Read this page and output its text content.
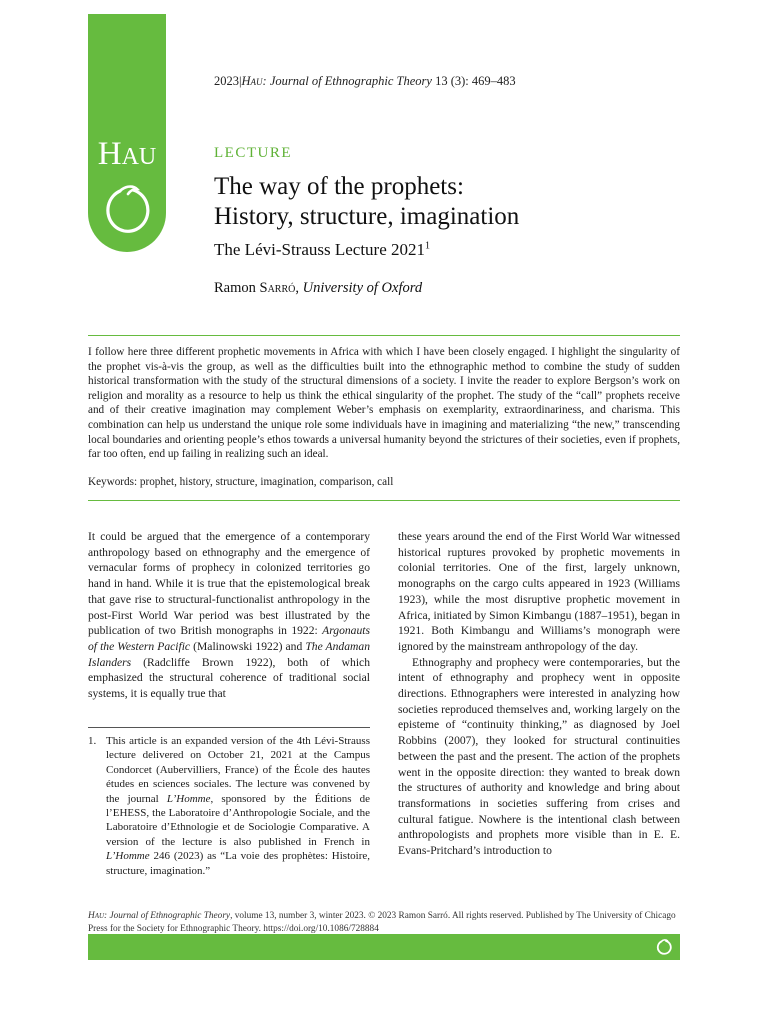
HAU
2023|Hau: Journal of Ethnographic Theory 13 (3): 469–483
LECTURE
The way of the prophets:
History, structure, imagination
The Lévi-Strauss Lecture 2021$^1$
Ramon Sarró, University of Oxford

I follow here three different prophetic movements in Africa with which I have been closely engaged. I highlight the singularity of the prophet vis-à-vis the group, as well as the difficulties built into the ethnographic method to combine the study of sudden historical transformation with the study of the structural dimensions of a society. I invite the reader to explore Bergson’s work on religion and morality as a resource to help us think the ethical singularity of the prophet. The study of the “call” prophets receive and of their creative imagination may complement Weber’s emphasis on exemplarity, extraordinariness, and charisma. This combination can help us understand the unique role some individuals have in imagining and materializing “the new,” transcending local boundaries and orienting people’s ethos towards a universal humanity beyond the strictures of their societies, even if prophets, far too often, end up failing in realizing such an ideal.

Keywords: prophet, history, structure, imagination, comparison, call

It could be argued that the emergence of a contemporary anthropology based on ethnography and the emergence of vernacular forms of prophecy in colonized territories go hand in hand. While it is true that the epistemological break that gave rise to structural-functionalist anthropology in the post-First World War period was best illustrated by the publication of two British monographs in 1922: Argonauts of the Western Pacific (Malinowski 1922) and The Andaman Islanders (Radcliffe Brown 1922), both of which emphasized the structural coherence of traditional social systems, it is equally true that

these years around the end of the First World War witnessed historical ruptures provoked by prophetic movements in colonial territories. One of the first, largely unknown, monographs on the cargo cults appeared in 1923 (Williams 1923), while the most disruptive prophetic movement in Africa, initiated by Simon Kimbangu (1887–1951), began in 1921. Both Kimbangu and Williams’s monograph were ignored by the mainstream anthropology of the day.

Ethnography and prophecy were contemporaries, but the intent of ethnography and prophecy went in opposite directions. Ethnographers were interested in analyzing how societies reproduced themselves and, working largely on the episteme of “continuity thinking,” as diagnosed by Joel Robbins (2007), they looked for structural continuities between the past and the present. The action of the prophets went in the opposite direction: they wanted to break down the structures of authority and knowledge and bring about transformations in societies suffering from crises and cultural fatigue. Nowhere is the intentional clash between anthropologists and prophets more visible than in E. E. Evans-Pritchard’s introduction to

1. This article is an expanded version of the 4th Lévi-Strauss lecture delivered on October 21, 2021 at the Campus Condorcet (Aubervilliers, France) of the École des hautes études en sciences sociales. The lecture was convened by the journal L’Homme, sponsored by the Éditions de l’EHESS, the Laboratoire d’Anthropologie Sociale, and the Laboratoire d’Ethnologie et de Sociologie Comparative. A version of the lecture is also published in French in L’Homme 246 (2023) as “La voie des prophètes: Histoire, structure, imagination.”

Hau: Journal of Ethnographic Theory, volume 13, number 3, winter 2023. © 2023 Ramon Sarró. All rights reserved. Published by The University of Chicago Press for the Society for Ethnographic Theory. https://doi.org/10.1086/728884
